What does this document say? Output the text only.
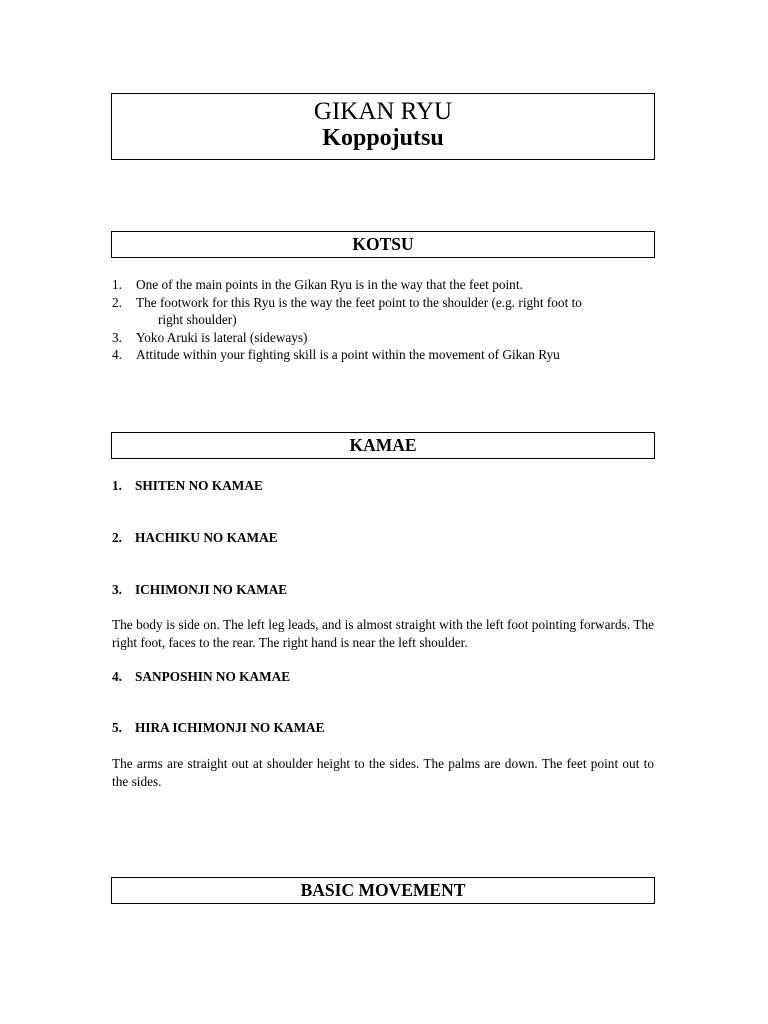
GIKAN RYU
Koppojutsu
KOTSU
1. One of the main points in the Gikan Ryu is in the way that the feet point.
2. The footwork for this Ryu is the way the feet point to the shoulder (e.g. right foot to
right shoulder)
3. Yoko Aruki is lateral (sideways)
4. Attitude within your fighting skill is a point within the movement of Gikan Ryu
KAMAE
1. SHITEN NO KAMAE
2. HACHIKU NO KAMAE
3. ICHIMONJI NO KAMAE

The body is side on. The left leg leads, and is almost straight with the left foot pointing forwards. The right foot, faces to the rear. The right hand is near the left shoulder.

4. SANPOSHIN NO KAMAE
5. HIRA ICHIMONJI NO KAMAE

The arms are straight out at shoulder height to the sides. The palms are down. The feet point out to the sides.

BASIC MOVEMENT
